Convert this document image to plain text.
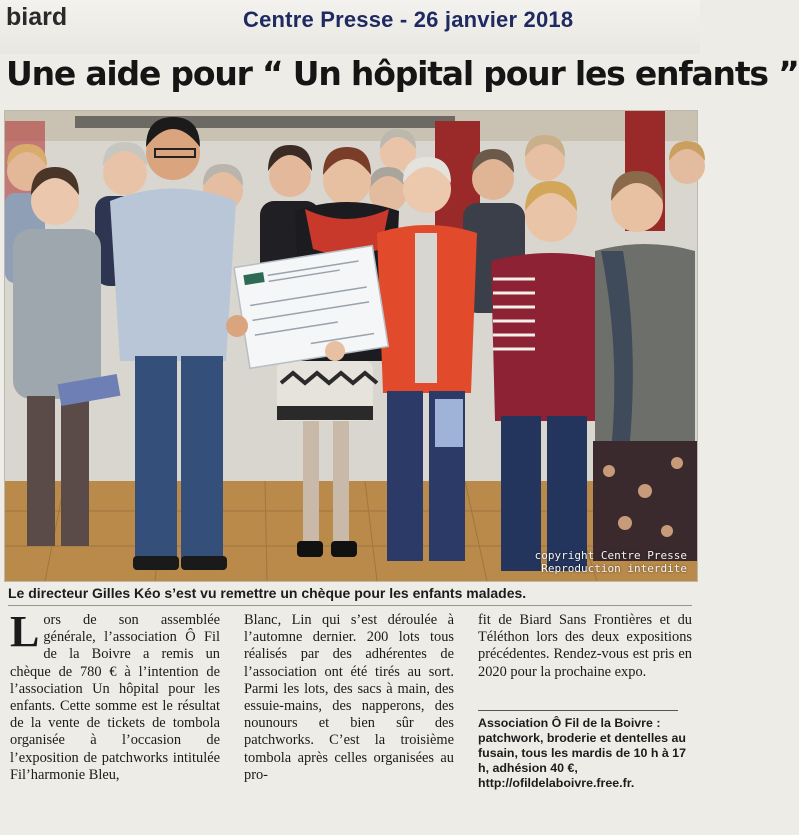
biard	Centre Presse - 26 janvier 2018
Une aide pour “ Un hôpital pour les enfants ”
copyright Centre Presse
Reproduction interdite
Le directeur Gilles Kéo s’est vu remettre un chèque pour les enfants malades.
Lors de son assemblée générale, l’association Ô Fil de la Boivre a remis un chèque de 780 € à l’intention de l’association Un hôpital pour les enfants. Cette somme est le résultat de la vente de tickets de tombola organisée à l’occasion de l’exposition de patchworks intitulée Fil’harmonie Bleu,
Blanc, Lin qui s’est déroulée à l’automne dernier. 200 lots tous réalisés par des adhérentes de l’association ont été tirés au sort. Parmi les lots, des sacs à main, des essuie-mains, des napperons, des nounours et bien sûr des patchworks. C’est la troisième tombola après celles organisées au pro-
fit de Biard Sans Frontières et du Téléthon lors des deux expositions précédentes. Rendez-vous est pris en 2020 pour la prochaine expo.
Association Ô Fil de la Boivre :
patchwork, broderie et dentelles au fusain, tous les mardis de 10 h à 17 h, adhésion 40 €,
http://ofildelaboivre.free.fr.
